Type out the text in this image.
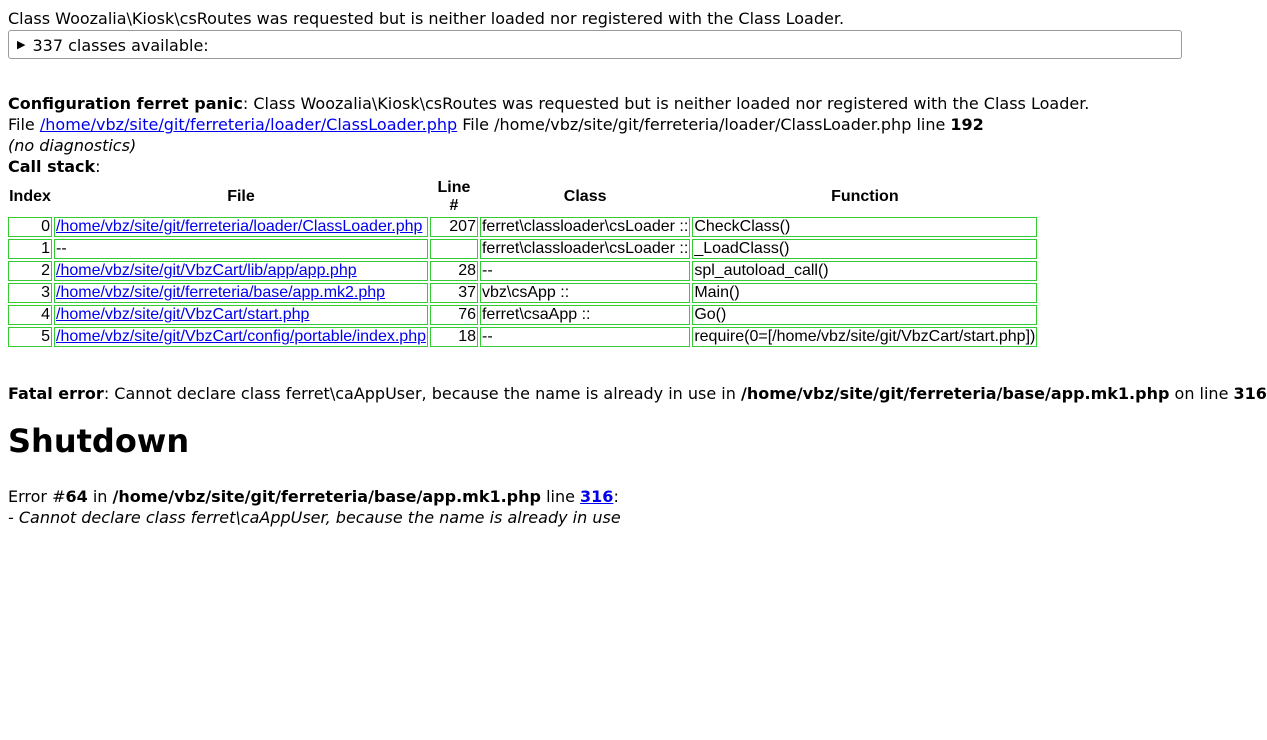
Class Woozalia\Kiosk\csRoutes was requested but is neither loaded nor registered with the Class Loader.
▶ 337 classes available:
Configuration ferret panic: Class Woozalia\Kiosk\csRoutes was requested but is neither loaded nor registered with the Class Loader.
File /home/vbz/site/git/ferreteria/loader/ClassLoader.php File /home/vbz/site/git/ferreteria/loader/ClassLoader.php line 192
(no diagnostics)
Call stack:
Index	File	Line #	Class	Function
0	/home/vbz/site/git/ferreteria/loader/ClassLoader.php	207	ferret\classloader\csLoader ::	CheckClass()
1	--		ferret\classloader\csLoader ::	_LoadClass()
2	/home/vbz/site/git/VbzCart/lib/app/app.php	28	--	spl_autoload_call()
3	/home/vbz/site/git/ferreteria/base/app.mk2.php	37	vbz\csApp ::	Main()
4	/home/vbz/site/git/VbzCart/start.php	76	ferret\csaApp ::	Go()
5	/home/vbz/site/git/VbzCart/config/portable/index.php	18	--	require(0=[/home/vbz/site/git/VbzCart/start.php])
Fatal error: Cannot declare class ferret\caAppUser, because the name is already in use in /home/vbz/site/git/ferreteria/base/app.mk1.php on line 316
Shutdown
Error #64 in /home/vbz/site/git/ferreteria/base/app.mk1.php line 316:
- Cannot declare class ferret\caAppUser, because the name is already in use
